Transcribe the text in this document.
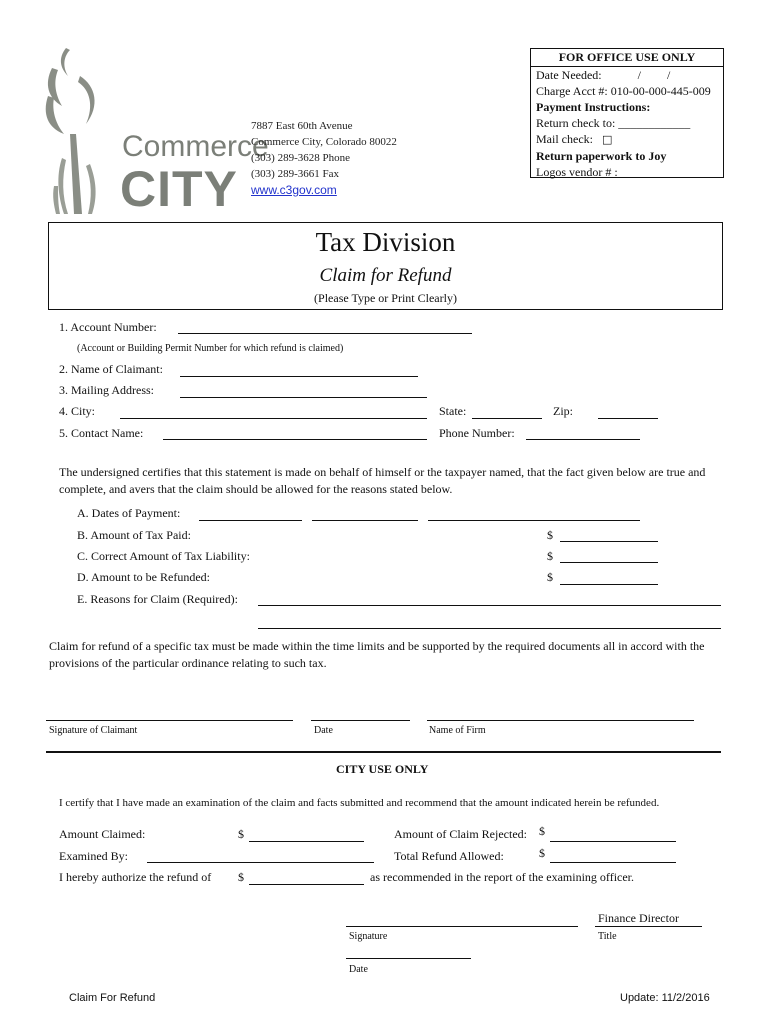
Commerce
CITY
7887 East 60th Avenue
Commerce City, Colorado 80022
(303) 289-3628 Phone
(303) 289-3661 Fax
www.c3gov.com
FOR OFFICE USE ONLY
Date Needed:	/ /
Charge Acct #: 010-00-000-445-009
Payment Instructions:
Return check to: ____________
Mail check: □
Return paperwork to Joy
Logos vendor # :
Tax Division
Claim for Refund
(Please Type or Print Clearly)
1. Account Number:
(Account or Building Permit Number for which refund is claimed)
2. Name of Claimant:
3. Mailing Address:
4. City:	State:	Zip:
5. Contact Name:	Phone Number:
The undersigned certifies that this statement is made on behalf of himself or the taxpayer named, that the fact given below are true and complete, and avers that the claim should be allowed for the reasons stated below.
A. Dates of Payment:
B. Amount of Tax Paid:	$
C. Correct Amount of Tax Liability:	$
D. Amount to be Refunded:	$
E. Reasons for Claim (Required):
Claim for refund of a specific tax must be made within the time limits and be supported by the required documents all in accord with the provisions of the particular ordinance relating to such tax.
Signature of Claimant	Date	Name of Firm
CITY USE ONLY
I certify that I have made an examination of the claim and facts submitted and recommend that the amount indicated herein be refunded.
Amount Claimed:	$	Amount of Claim Rejected: $
Examined By:	Total Refund Allowed:	$
I hereby authorize the refund of $	as recommended in the report of the examining officer.
Finance Director
Signature	Title
Date
Claim For Refund	Update: 11/2/2016
